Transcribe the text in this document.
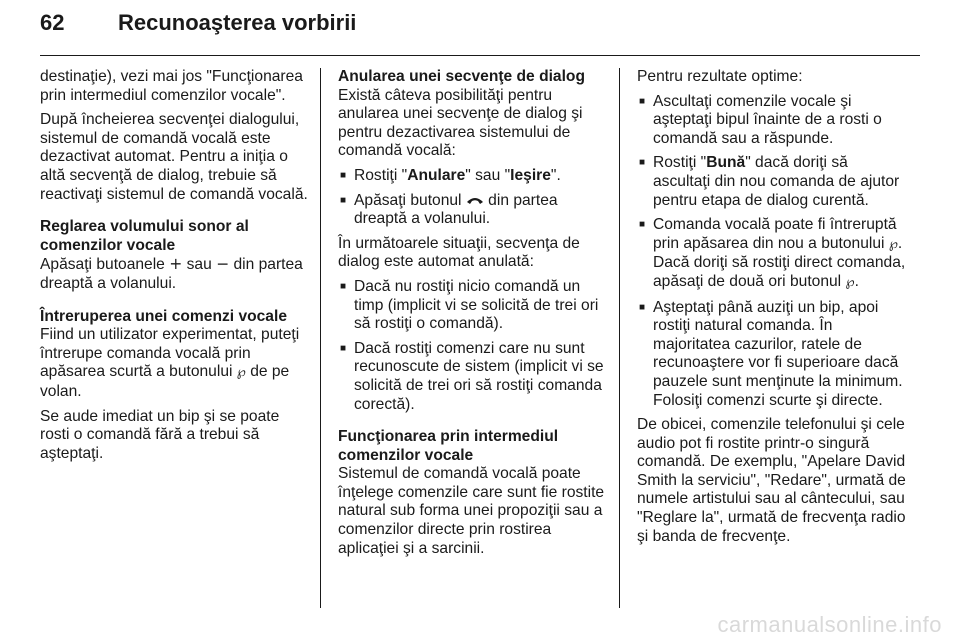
62	Recunoaşterea vorbirii

destinaţie), vezi mai jos "Funcţionarea prin intermediul comenzilor vocale".

După încheierea secvenţei dialogului, sistemul de comandă vocală este dezactivat automat. Pentru a iniţia o altă secvenţă de dialog, trebuie să reactivaţi sistemul de comandă vocală.

Reglarea volumului sonor al comenzilor vocale

Apăsaţi butoanele + sau − din partea dreaptă a volanului.

Întreruperea unei comenzi vocale

Fiind un utilizator experimentat, puteţi întrerupe comanda vocală prin apăsarea scurtă a butonului ℘ de pe volan.

Se aude imediat un bip şi se poate rosti o comandă fără a trebui să aşteptaţi.

Anularea unei secvenţe de dialog

Există câteva posibilităţi pentru anularea unei secvenţe de dialog şi pentru dezactivarea sistemului de comandă vocală:

■ Rostiţi "Anulare" sau "Ieşire".
■ Apăsaţi butonul  din partea dreaptă a volanului.

În următoarele situaţii, secvenţa de dialog este automat anulată:

■ Dacă nu rostiţi nicio comandă un timp (implicit vi se solicită de trei ori să rostiţi o comandă).
■ Dacă rostiţi comenzi care nu sunt recunoscute de sistem (implicit vi se solicită de trei ori să rostiţi comanda corectă).

Funcţionarea prin intermediul comenzilor vocale

Sistemul de comandă vocală poate înţelege comenzile care sunt fie rostite natural sub forma unei propoziţii sau a comenzilor directe prin rostirea aplicaţiei şi a sarcinii.

Pentru rezultate optime:

■ Ascultaţi comenzile vocale şi aşteptaţi bipul înainte de a rosti o comandă sau a răspunde.
■ Rostiţi "Bună" dacă doriţi să ascultaţi din nou comanda de ajutor pentru etapa de dialog curentă.
■ Comanda vocală poate fi întreruptă prin apăsarea din nou a butonului ℘. Dacă doriţi să rostiţi direct comanda, apăsaţi de două ori butonul ℘.
■ Aşteptaţi până auziţi un bip, apoi rostiţi natural comanda. În majoritatea cazurilor, ratele de recunoaştere vor fi superioare dacă pauzele sunt menţinute la minimum. Folosiţi comenzi scurte şi directe.

De obicei, comenzile telefonului şi cele audio pot fi rostite printr-o singură comandă. De exemplu, "Apelare David Smith la serviciu", "Redare", urmată de numele artistului sau al cântecului, sau "Reglare la", urmată de frecvenţa radio şi banda de frecvenţe.

carmanualsonline.info
